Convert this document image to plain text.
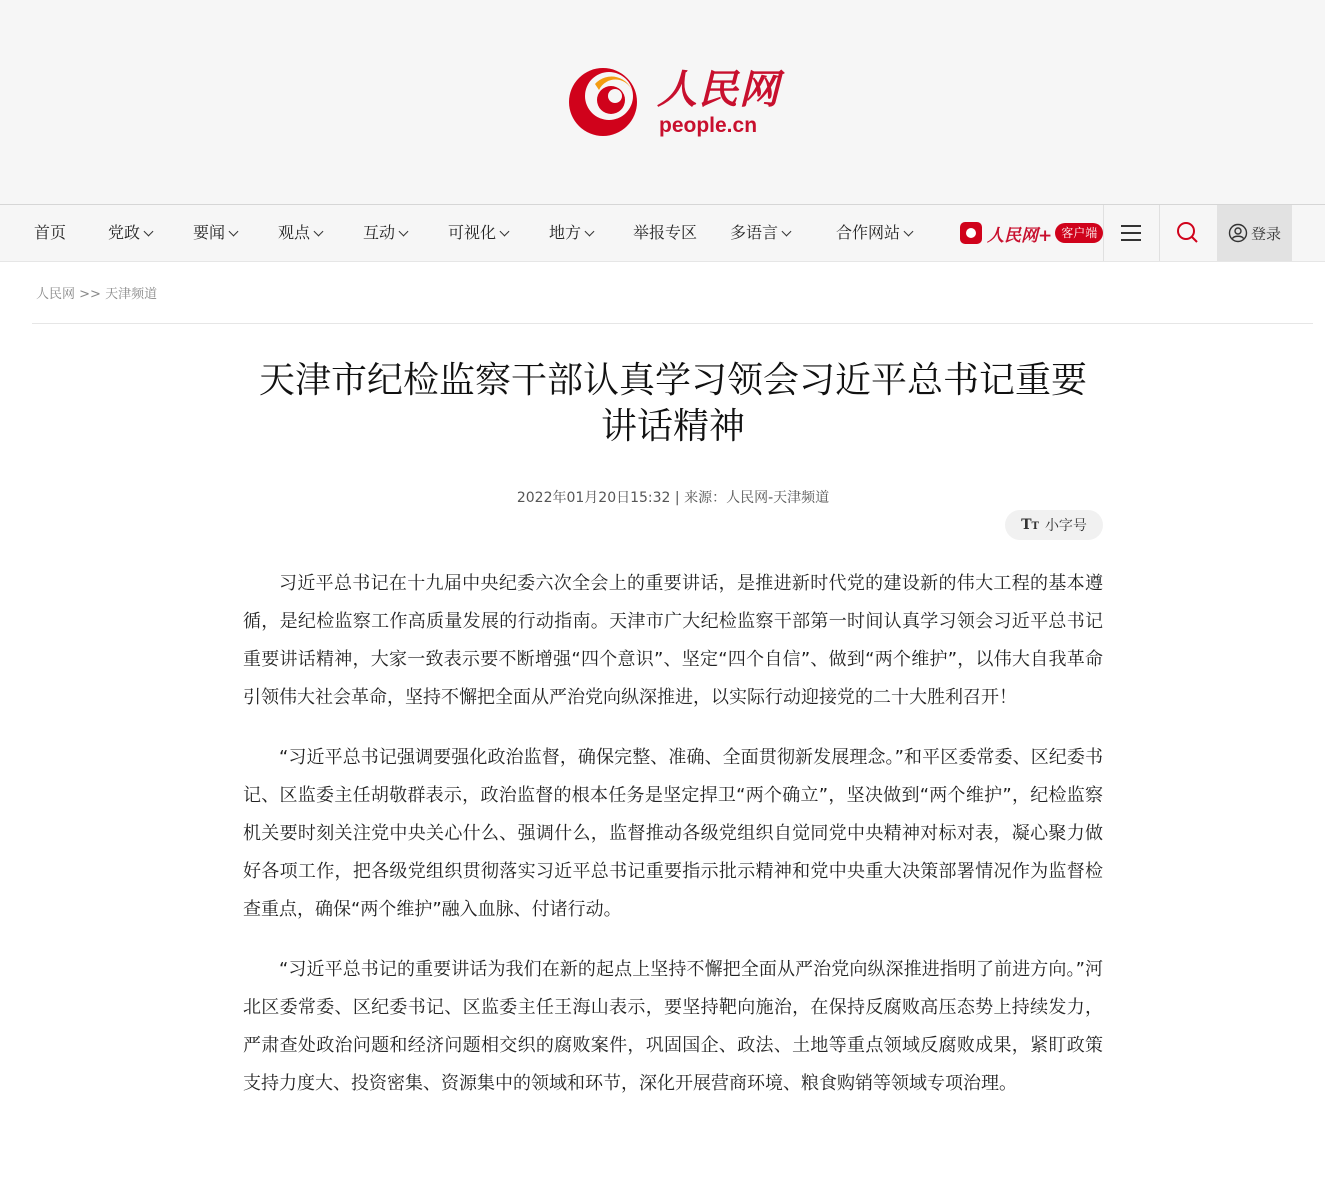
人民网
people.cn
首页	党政	要闻	观点	互动	可视化	地方	举报专区 多语言	合作网站	人民网+ 客户端	登录
人民网 >> 天津频道
天津市纪检监察干部认真学习领会习近平总书记重要讲话精神
2022年01月20日15:32 | 来源：人民网-天津频道
TT 小字号

习近平总书记在十九届中央纪委六次全会上的重要讲话，是推进新时代党的建设新的伟大工程的基本遵循，是纪检监察工作高质量发展的行动指南。天津市广大纪检监察干部第一时间认真学习领会习近平总书记重要讲话精神，大家一致表示要不断增强“四个意识”、坚定“四个自信”、做到“两个维护”，以伟大自我革命引领伟大社会革命，坚持不懈把全面从严治党向纵深推进，以实际行动迎接党的二十大胜利召开！

“习近平总书记强调要强化政治监督，确保完整、准确、全面贯彻新发展理念。”和平区委常委、区纪委书记、区监委主任胡敬群表示，政治监督的根本任务是坚定捍卫“两个确立”，坚决做到“两个维护”，纪检监察机关要时刻关注党中央关心什么、强调什么，监督推动各级党组织自觉同党中央精神对标对表，凝心聚力做好各项工作，把各级党组织贯彻落实习近平总书记重要指示批示精神和党中央重大决策部署情况作为监督检查重点，确保“两个维护”融入血脉、付诸行动。

“习近平总书记的重要讲话为我们在新的起点上坚持不懈把全面从严治党向纵深推进指明了前进方向。”河北区委常委、区纪委书记、区监委主任王海山表示，要坚持靶向施治，在保持反腐败高压态势上持续发力，严肃查处政治问题和经济问题相交织的腐败案件，巩固国企、政法、土地等重点领域反腐败成果，紧盯政策支持力度大、投资密集、资源集中的领域和环节，深化开展营商环境、粮食购销等领域专项治理。
